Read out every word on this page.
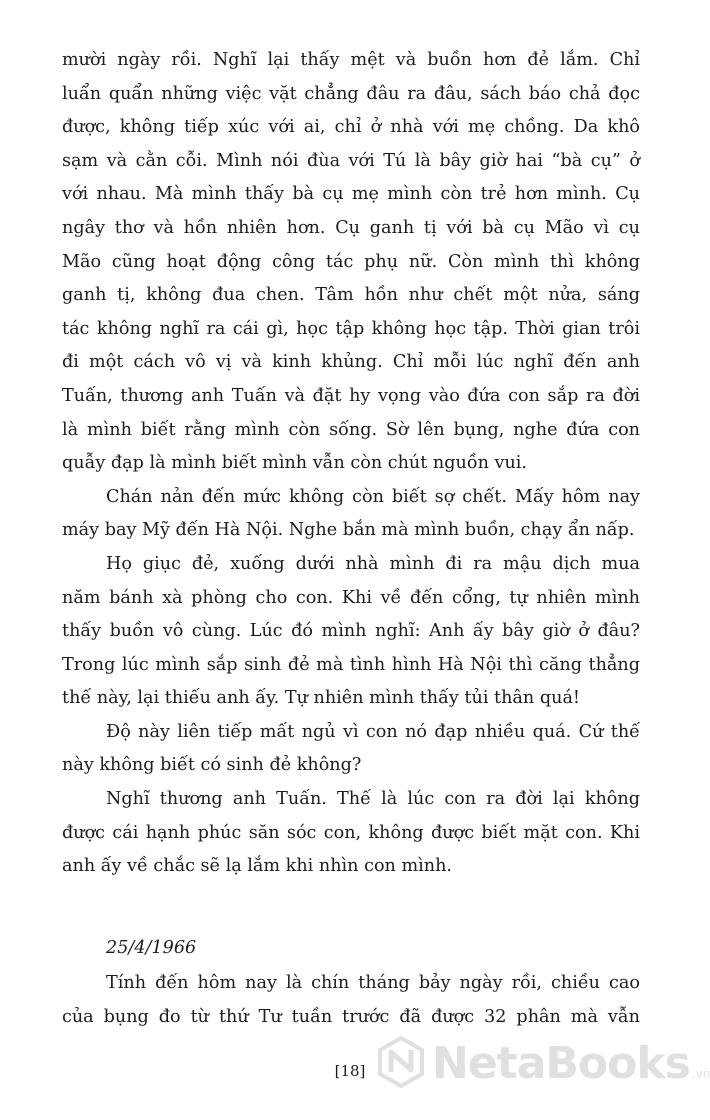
mười ngày rồi. Nghĩ lại thấy mệt và buồn hơn đẻ lắm. Chỉ
luẩn quẩn những việc vặt chẳng đâu ra đâu, sách báo chả đọc
được, không tiếp xúc với ai, chỉ ở nhà với mẹ chồng. Da khô
sạm và cằn cỗi. Mình nói đùa với Tú là bây giờ hai “bà cụ” ở
với nhau. Mà mình thấy bà cụ mẹ mình còn trẻ hơn mình. Cụ
ngây thơ và hồn nhiên hơn. Cụ ganh tị với bà cụ Mão vì cụ
Mão cũng hoạt động công tác phụ nữ. Còn mình thì không
ganh tị, không đua chen. Tâm hồn như chết một nửa, sáng
tác không nghĩ ra cái gì, học tập không học tập. Thời gian trôi
đi một cách vô vị và kinh khủng. Chỉ mỗi lúc nghĩ đến anh
Tuấn, thương anh Tuấn và đặt hy vọng vào đứa con sắp ra đời
là mình biết rằng mình còn sống. Sờ lên bụng, nghe đứa con
quẫy đạp là mình biết mình vẫn còn chút nguồn vui.
Chán nản đến mức không còn biết sợ chết. Mấy hôm nay
máy bay Mỹ đến Hà Nội. Nghe bắn mà mình buồn, chạy ẩn nấp.
Họ giục đẻ, xuống dưới nhà mình đi ra mậu dịch mua
năm bánh xà phòng cho con. Khi về đến cổng, tự nhiên mình
thấy buồn vô cùng. Lúc đó mình nghĩ: Anh ấy bây giờ ở đâu?
Trong lúc mình sắp sinh đẻ mà tình hình Hà Nội thì căng thẳng
thế này, lại thiếu anh ấy. Tự nhiên mình thấy tủi thân quá!
Độ này liên tiếp mất ngủ vì con nó đạp nhiều quá. Cứ thế
này không biết có sinh đẻ không?
Nghĩ thương anh Tuấn. Thế là lúc con ra đời lại không
được cái hạnh phúc săn sóc con, không được biết mặt con. Khi
anh ấy về chắc sẽ lạ lắm khi nhìn con mình.
25/4/1966
Tính đến hôm nay là chín tháng bảy ngày rồi, chiều cao
của bụng đo từ thứ Tư tuần trước đã được 32 phân mà vẫn
[18]	NetaBooks .vn
